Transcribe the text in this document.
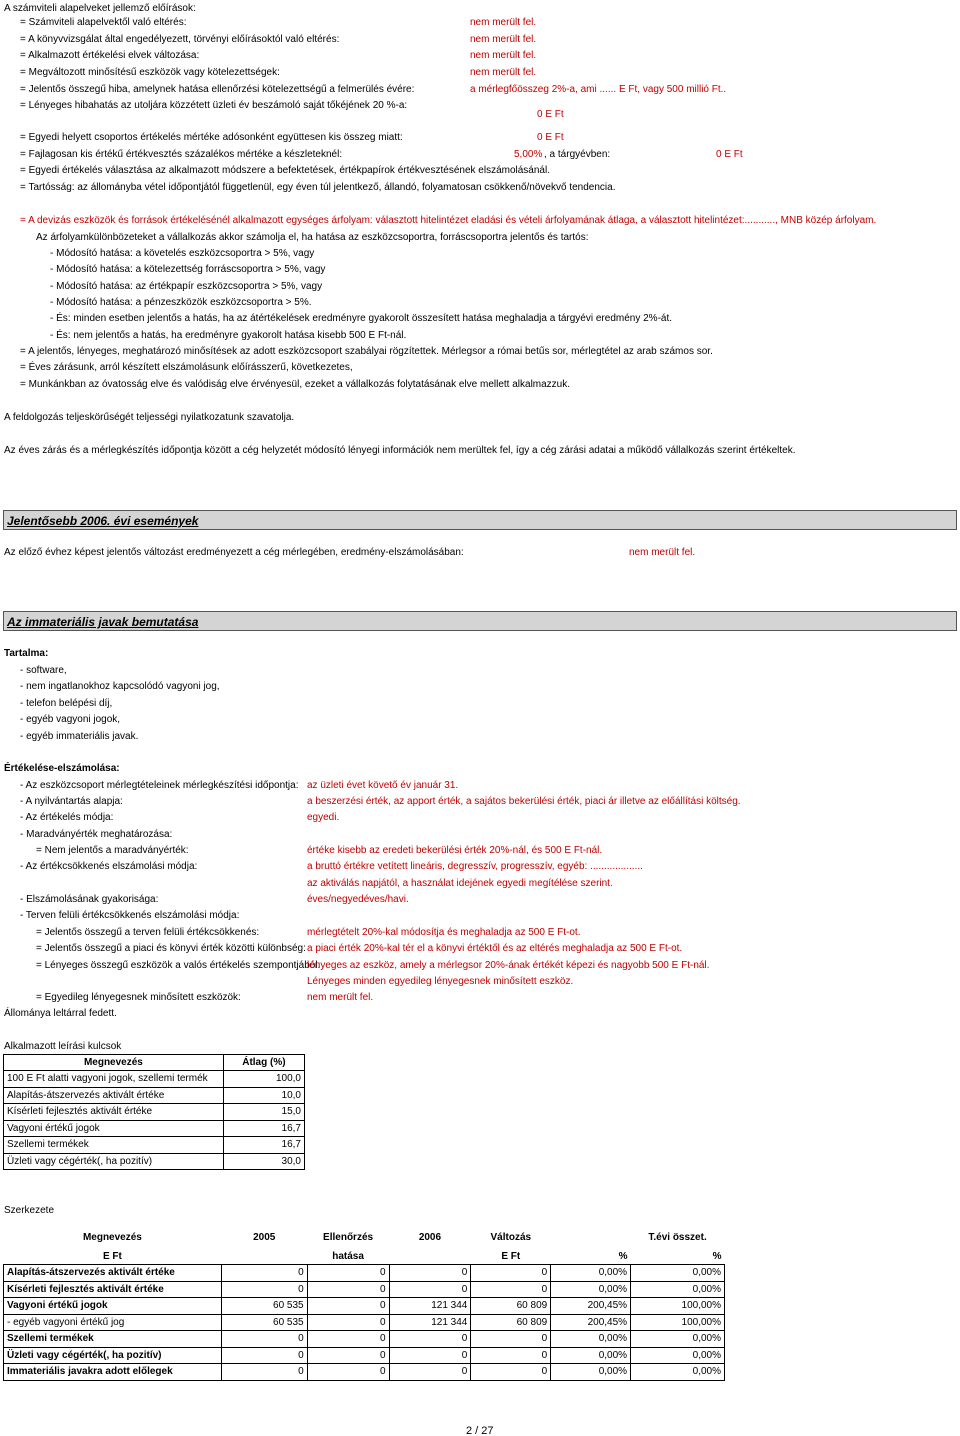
A számviteli alapelveket jellemző előírások:
= Számviteli alapelvektől való eltérés:	nem merült fel.
= A könyvvizsgálat által engedélyezett, törvényi előírásoktól való eltérés:	nem merült fel.
= Alkalmazott értékelési elvek változása:	nem merült fel.
= Megváltozott minősítésű eszközök vagy kötelezettségek:	nem merült fel.
= Jelentős összegű hiba, amelynek hatása ellenőrzési kötelezettségű a felmerülés évére:	a mérlegfőösszeg 2%-a, ami ...... E Ft, vagy 500 millió Ft..
= Lényeges hibahatás az utoljára közzétett üzleti év beszámoló saját tőkéjének 20 %-a:
0 E Ft
= Egyedi helyett csoportos értékelés mértéke adósonként együttesen kis összeg miatt:	0 E Ft
= Fajlagosan kis értékű értékvesztés százalékos mértéke a készleteknél:	5,00% , a tárgyévben:	0 E Ft
= Egyedi értékelés választása az alkalmazott módszere a befektetések, értékpapírok értékvesztésének elszámolásánál.
= Tartósság: az állományba vétel időpontjától függetlenül, egy éven túl jelentkező, állandó, folyamatosan csökkenő/növekvő tendencia.
= A devizás eszközök és források értékelésénél alkalmazott egységes árfolyam: választott hitelintézet eladási és vételi árfolyamának átlaga, a választott hitelintézet:..........., MNB közép árfolyam.
Az árfolyamkülönbözeteket a vállalkozás akkor számolja el, ha hatása az eszközcsoportra, forráscsoportra jelentős és tartós:
- Módosító hatása: a követelés eszközcsoportra > 5%, vagy
- Módosító hatása: a kötelezettség forráscsoportra > 5%, vagy
- Módosító hatása: az értékpapír eszközcsoportra > 5%, vagy
- Módosító hatása: a pénzeszközök eszközcsoportra > 5%.
- És: minden esetben jelentős a hatás, ha az átértékelések eredményre gyakorolt összesített hatása meghaladja a tárgyévi eredmény 2%-át.
- És: nem jelentős a hatás, ha eredményre gyakorolt hatása kisebb 500 E Ft-nál.
= A jelentős, lényeges, meghatározó minősítések az adott eszközcsoport szabályai rögzítettek. Mérlegsor a római betűs sor, mérlegtétel az arab számos sor.
= Éves zárásunk, arról készített elszámolásunk előírásszerű, következetes,
= Munkánkban az óvatosság elve és valódiság elve érvényesül, ezeket a vállalkozás folytatásának elve mellett alkalmazzuk.
A feldolgozás teljeskörűségét teljességi nyilatkozatunk szavatolja.
Az éves zárás és a mérlegkészítés időpontja között a cég helyzetét módosító lényegi információk nem merültek fel, így a cég zárási adatai a működő vállalkozás szerint értékeltek.
Jelentősebb 2006. évi események
Az előző évhez képest jelentős változást eredményezett a cég mérlegében, eredmény-elszámolásában:	nem merült fel.
Az immateriális javak bemutatása
Tartalma:
- software,
- nem ingatlanokhoz kapcsolódó vagyoni jog,
- telefon belépési díj,
- egyéb vagyoni jogok,
- egyéb immateriális javak.
Értékelése-elszámolása:
- Az eszközcsoport mérlegtételeinek mérlegkészítési időpontja: az üzleti évet követő év január 31.
- A nyilvántartás alapja:	a beszerzési érték, az apport érték, a sajátos bekerülési érték, piaci ár illetve az előállítási költség.
- Az értékelés módja:	egyedi.
- Maradványérték meghatározása:
= Nem jelentős a maradványérték:	értéke kisebb az eredeti bekerülési érték 20%-nál, és 500 E Ft-nál.
- Az értékcsökkenés elszámolási módja:	a bruttó értékre vetített lineáris, degresszív, progresszív, egyéb: ...................
az aktiválás napjától, a használat idejének egyedi megítélése szerint.
- Elszámolásának gyakorisága:	éves/negyedéves/havi.
- Terven felüli értékcsökkenés elszámolási módja:
= Jelentős összegű a terven felüli értékcsökkenés:	mérlegtételt 20%-kal módosítja és meghaladja az 500 E Ft-ot.
= Jelentős összegű a piaci és könyvi érték közötti különbség: a piaci érték 20%-kal tér el a könyvi értéktől és az eltérés meghaladja az 500 E Ft-ot.
= Lényeges összegű eszközök a valós értékelés szempontjából:
lényeges az eszköz, amely a mérlegsor 20%-ának értékét képezi és nagyobb 500 E Ft-nál.
Lényeges minden egyedileg lényegesnek minősített eszköz.
= Egyedileg lényegesnek minősített eszközök:	nem merült fel.
Állománya leltárral fedett.
Alkalmazott leírási kulcsok
Megnevezés	Átlag (%)
100 E Ft alatti vagyoni jogok, szellemi termék	100,0
Alapítás-átszervezés aktivált értéke	10,0
Kísérleti fejlesztés aktivált értéke	15,0
Vagyoni értékű jogok	16,7
Szellemi termékek	16,7
Üzleti vagy cégérték(, ha pozitív)	30,0
Szerkezete
Megnevezés	2005	Ellenőrzés	2006	Változás		T.évi összet.
E Ft		hatása		E Ft	%	%
Alapítás-átszervezés aktivált értéke	0	0	0	0	0,00%	0,00%
Kísérleti fejlesztés aktivált értéke	0	0	0	0	0,00%	0,00%
Vagyoni értékű jogok	60 535	0	121 344	60 809	200,45%	100,00%
- egyéb vagyoni értékű jog	60 535	0	121 344	60 809	200,45%	100,00%
Szellemi termékek	0	0	0	0	0,00%	0,00%
Üzleti vagy cégérték(, ha pozitív)	0	0	0	0	0,00%	0,00%
Immateriális javakra adott előlegek	0	0	0	0	0,00%	0,00%
2 / 27
